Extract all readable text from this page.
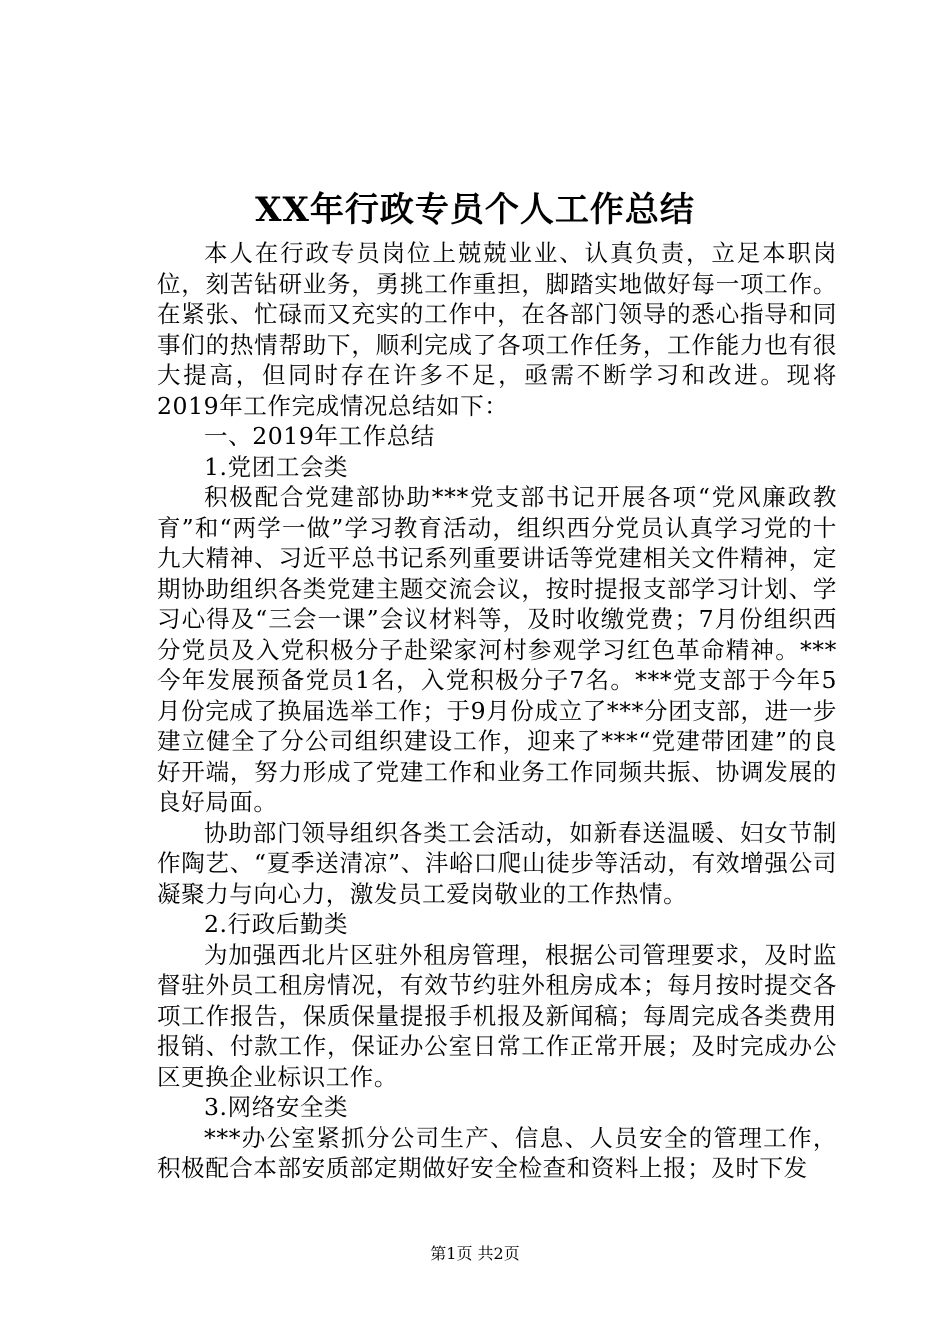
XX年行政专员个人工作总结

本人在行政专员岗位上兢兢业业、认真负责，立足本职岗位，刻苦钻研业务，勇挑工作重担，脚踏实地做好每一项工作。在紧张、忙碌而又充实的工作中，在各部门领导的悉心指导和同事们的热情帮助下，顺利完成了各项工作任务，工作能力也有很大提高，但同时存在许多不足，亟需不断学习和改进。现将2019年工作完成情况总结如下：

一、2019年工作总结

1.党团工会类

积极配合党建部协助***党支部书记开展各项“党风廉政教育”和“两学一做”学习教育活动，组织西分党员认真学习党的十九大精神、习近平总书记系列重要讲话等党建相关文件精神，定期协助组织各类党建主题交流会议，按时提报支部学习计划、学习心得及“三会一课”会议材料等，及时收缴党费；7月份组织西分党员及入党积极分子赴梁家河村参观学习红色革命精神。***今年发展预备党员1名，入党积极分子7名。***党支部于今年5月份完成了换届选举工作；于9月份成立了***分团支部，进一步建立健全了分公司组织建设工作，迎来了***“党建带团建”的良好开端，努力形成了党建工作和业务工作同频共振、协调发展的良好局面。

协助部门领导组织各类工会活动，如新春送温暖、妇女节制作陶艺、“夏季送清凉”、沣峪口爬山徒步等活动，有效增强公司凝聚力与向心力，激发员工爱岗敬业的工作热情。

2.行政后勤类

为加强西北片区驻外租房管理，根据公司管理要求，及时监督驻外员工租房情况，有效节约驻外租房成本；每月按时提交各项工作报告，保质保量提报手机报及新闻稿；每周完成各类费用报销、付款工作，保证办公室日常工作正常开展；及时完成办公区更换企业标识工作。

3.网络安全类

***办公室紧抓分公司生产、信息、人员安全的管理工作，积极配合本部安质部定期做好安全检查和资料上报；及时下发

第1页 共2页
